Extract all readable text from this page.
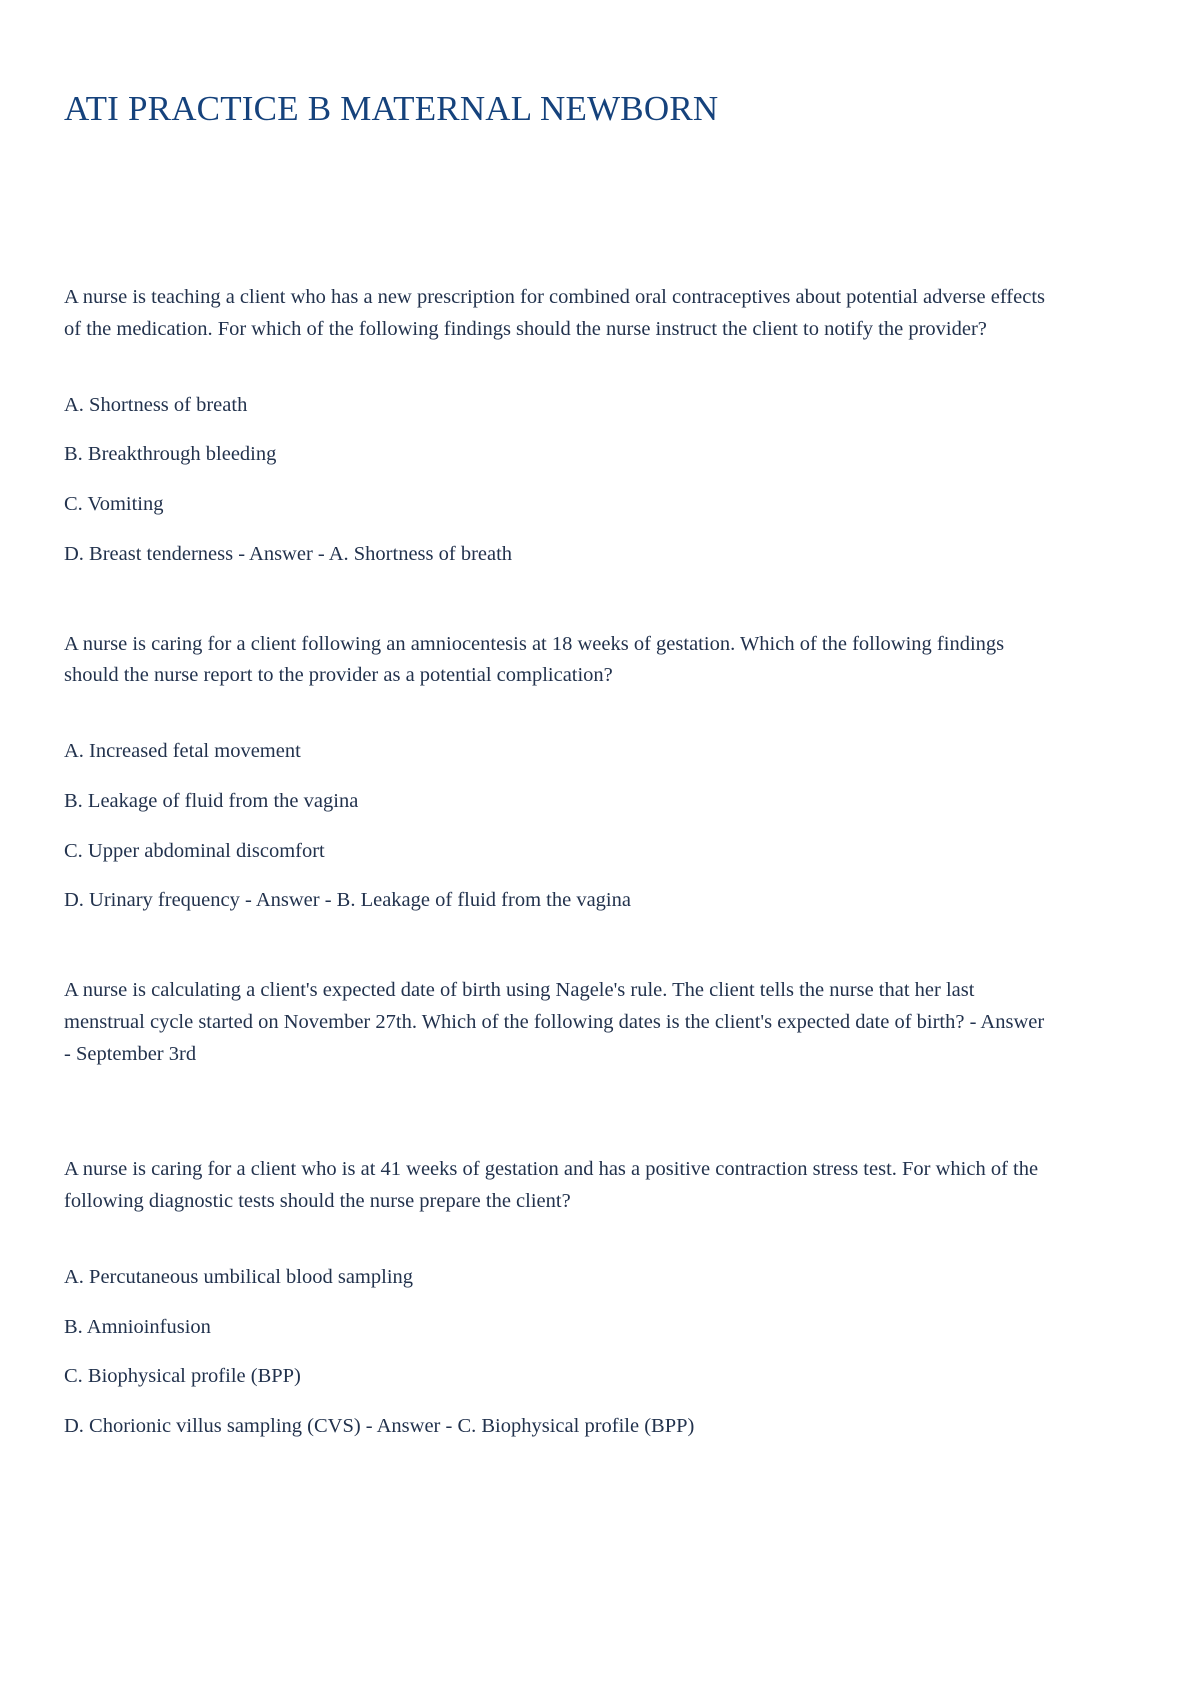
ATI PRACTICE B MATERNAL NEWBORN

A nurse is teaching a client who has a new prescription for combined oral contraceptives about potential adverse effects of the medication. For which of the following findings should the nurse instruct the client to notify the provider?

A. Shortness of breath

B. Breakthrough bleeding

C. Vomiting

D. Breast tenderness - Answer - A. Shortness of breath

A nurse is caring for a client following an amniocentesis at 18 weeks of gestation. Which of the following findings should the nurse report to the provider as a potential complication?

A. Increased fetal movement

B. Leakage of fluid from the vagina

C. Upper abdominal discomfort

D. Urinary frequency - Answer - B. Leakage of fluid from the vagina

A nurse is calculating a client's expected date of birth using Nagele's rule. The client tells the nurse that her last menstrual cycle started on November 27th. Which of the following dates is the client's expected date of birth? - Answer - September 3rd

A nurse is caring for a client who is at 41 weeks of gestation and has a positive contraction stress test. For which of the following diagnostic tests should the nurse prepare the client?

A. Percutaneous umbilical blood sampling

B. Amnioinfusion

C. Biophysical profile (BPP)

D. Chorionic villus sampling (CVS) - Answer - C. Biophysical profile (BPP)
